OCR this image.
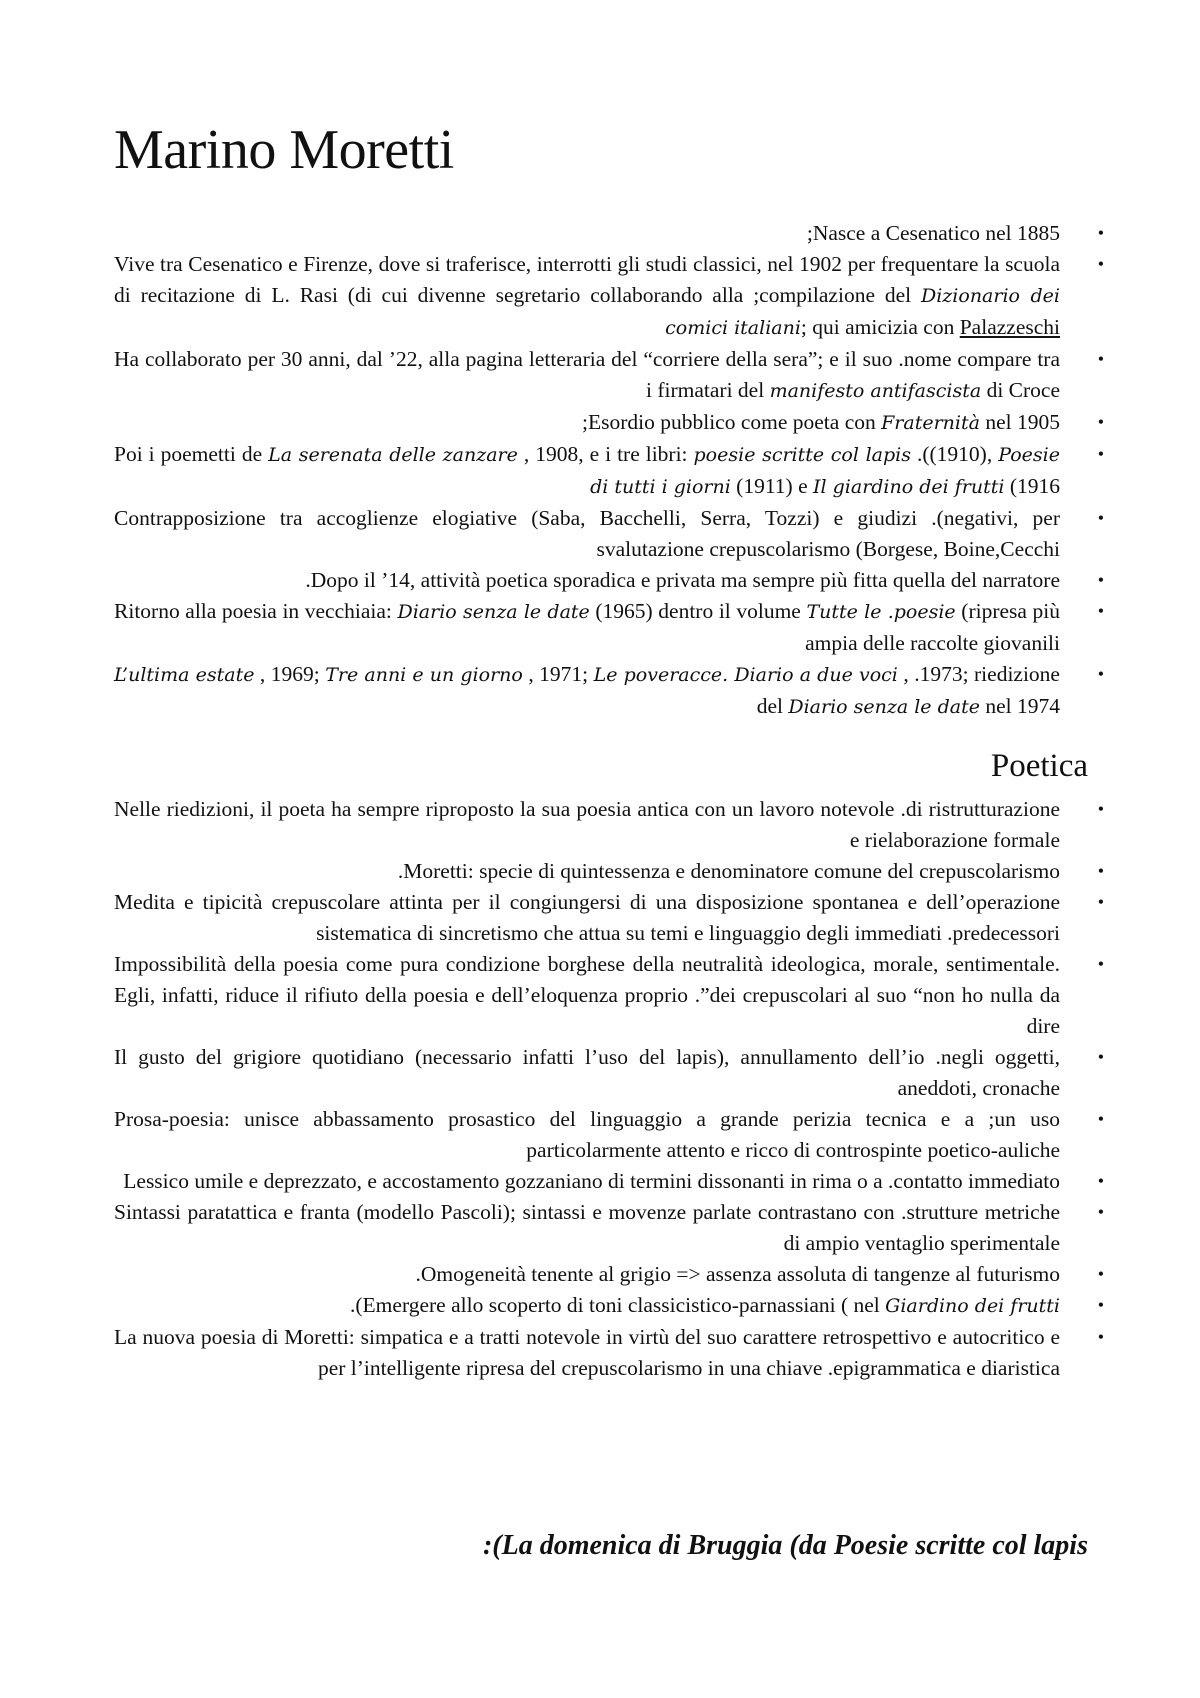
Marino Moretti
;Nasce a Cesenatico nel 1885 •
Vive tra Cesenatico e Firenze, dove si traferisce, interrotti gli studi classici, nel 1902 per frequentare la scuola di recitazione di L. Rasi (di cui divenne segretario collaborando alla ;compilazione del Dizionario dei comici italiani; qui amicizia con Palazzeschi
•
Ha collaborato per 30 anni, dal ’22, alla pagina letteraria del “corriere della sera”; e il suo .nome compare tra i firmatari del manifesto antifascista di Croce
•
;Esordio pubblico come poeta con Fraternità nel 1905 •
Poi i poemetti de La serenata delle zanzare , 1908, e i tre libri: poesie scritte col lapis .((1910), Poesie di tutti i giorni (1911) e Il giardino dei frutti (1916
•
Contrapposizione tra accoglienze elogiative (Saba, Bacchelli, Serra, Tozzi) e giudizi .(negativi, per svalutazione crepuscolarismo (Borgese, Boine,Cecchi
•
.Dopo il ’14, attività poetica sporadica e privata ma sempre più fitta quella del narratore •
Ritorno alla poesia in vecchiaia: Diario senza le date (1965) dentro il volume Tutte le .poesie (ripresa più ampia delle raccolte giovanili
•
L’ultima estate , 1969; Tre anni e un giorno , 1971; Le poveracce. Diario a due voci , .1973; riedizione del Diario senza le date nel 1974
•
Poetica
Nelle riedizioni, il poeta ha sempre riproposto la sua poesia antica con un lavoro notevole .di ristrutturazione e rielaborazione formale
•
.Moretti: specie di quintessenza e denominatore comune del crepuscolarismo •
Medita e tipicità crepuscolare attinta per il congiungersi di una disposizione spontanea e dell’operazione sistematica di sincretismo che attua su temi e linguaggio degli immediati .predecessori
•
Impossibilità della poesia come pura condizione borghese della neutralità ideologica, morale, sentimentale. Egli, infatti, riduce il rifiuto della poesia e dell’eloquenza proprio .”dei crepuscolari al suo “non ho nulla da dire
•
Il gusto del grigiore quotidiano (necessario infatti l’uso del lapis), annullamento dell’io .negli oggetti, aneddoti, cronache
•
Prosa-poesia: unisce abbassamento prosastico del linguaggio a grande perizia tecnica e a ;un uso particolarmente attento e ricco di controspinte poetico-auliche
•
Lessico umile e deprezzato, e accostamento gozzaniano di termini dissonanti in rima o a .contatto immediato •
Sintassi paratattica e franta (modello Pascoli); sintassi e movenze parlate contrastano con .strutture metriche di ampio ventaglio sperimentale
•
.Omogeneità tenente al grigio => assenza assoluta di tangenze al futurismo •
.(Emergere allo scoperto di toni classicistico-parnassiani ( nel Giardino dei frutti •
La nuova poesia di Moretti: simpatica e a tratti notevole in virtù del suo carattere retrospettivo e autocritico e per l’intelligente ripresa del crepuscolarismo in una chiave .epigrammatica e diaristica
•
:(La domenica di Bruggia (da Poesie scritte col lapis
